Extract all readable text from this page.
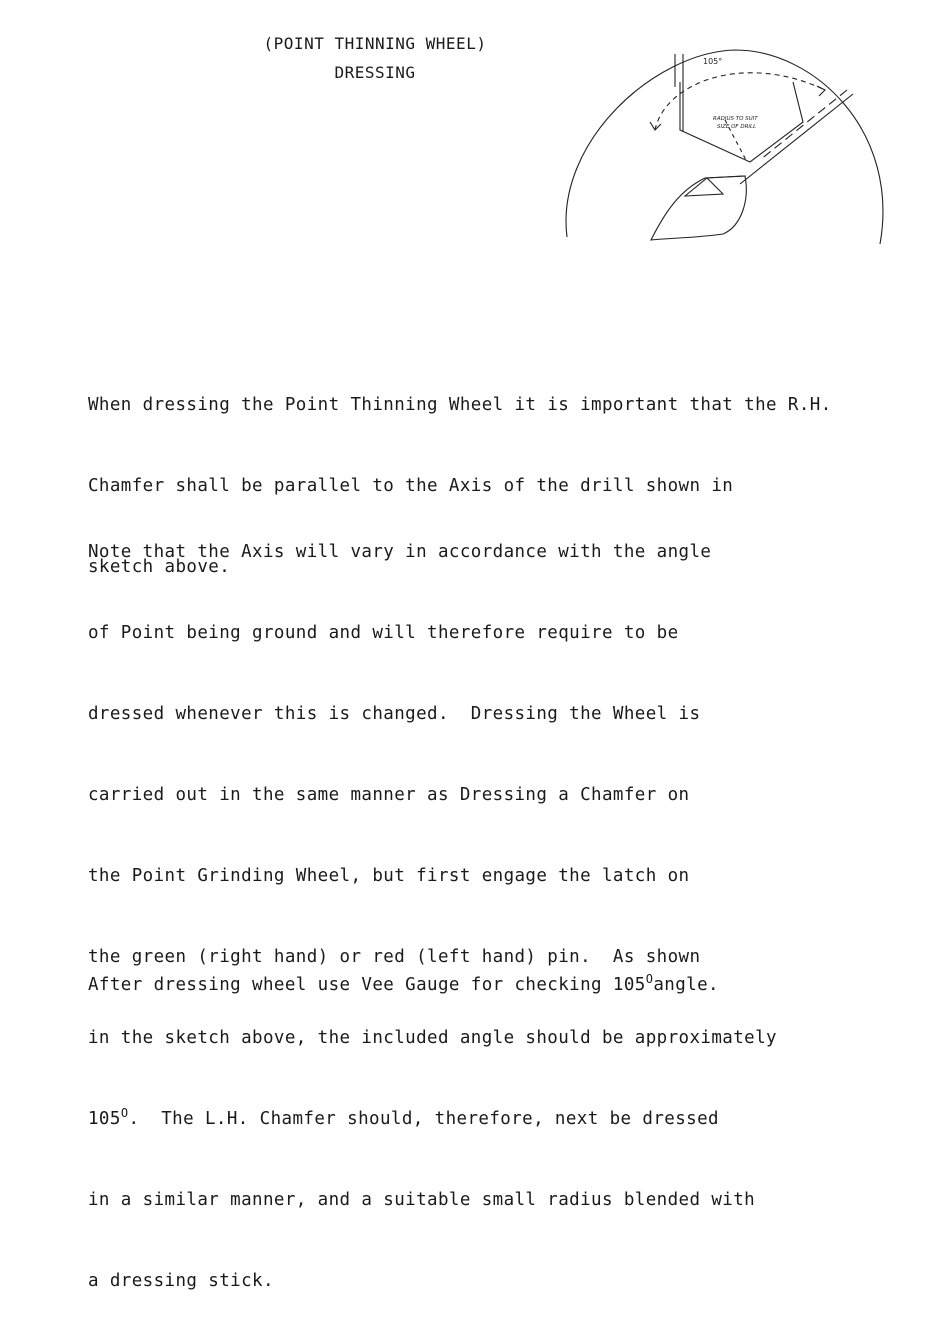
(POINT THINNING WHEEL)
DRESSING
105°
RADIUS TO SUIT
SIZE OF DRILL

When dressing the Point Thinning Wheel it is important that the R.H.

Chamfer shall be parallel to the Axis of the drill shown in

sketch above.

Note that the Axis will vary in accordance with the angle

of Point being ground and will therefore require to be

dressed whenever this is changed.  Dressing the Wheel is

carried out in the same manner as Dressing a Chamfer on

the Point Grinding Wheel, but first engage the latch on

the green (right hand) or red (left hand) pin.  As shown

in the sketch above, the included angle should be approximately

$105^O$.  The L.H. Chamfer should, therefore, next be dressed

in a similar manner, and a suitable small radius blended with

a dressing stick.

After dressing wheel use Vee Gauge for checking $105^Oangle$.
